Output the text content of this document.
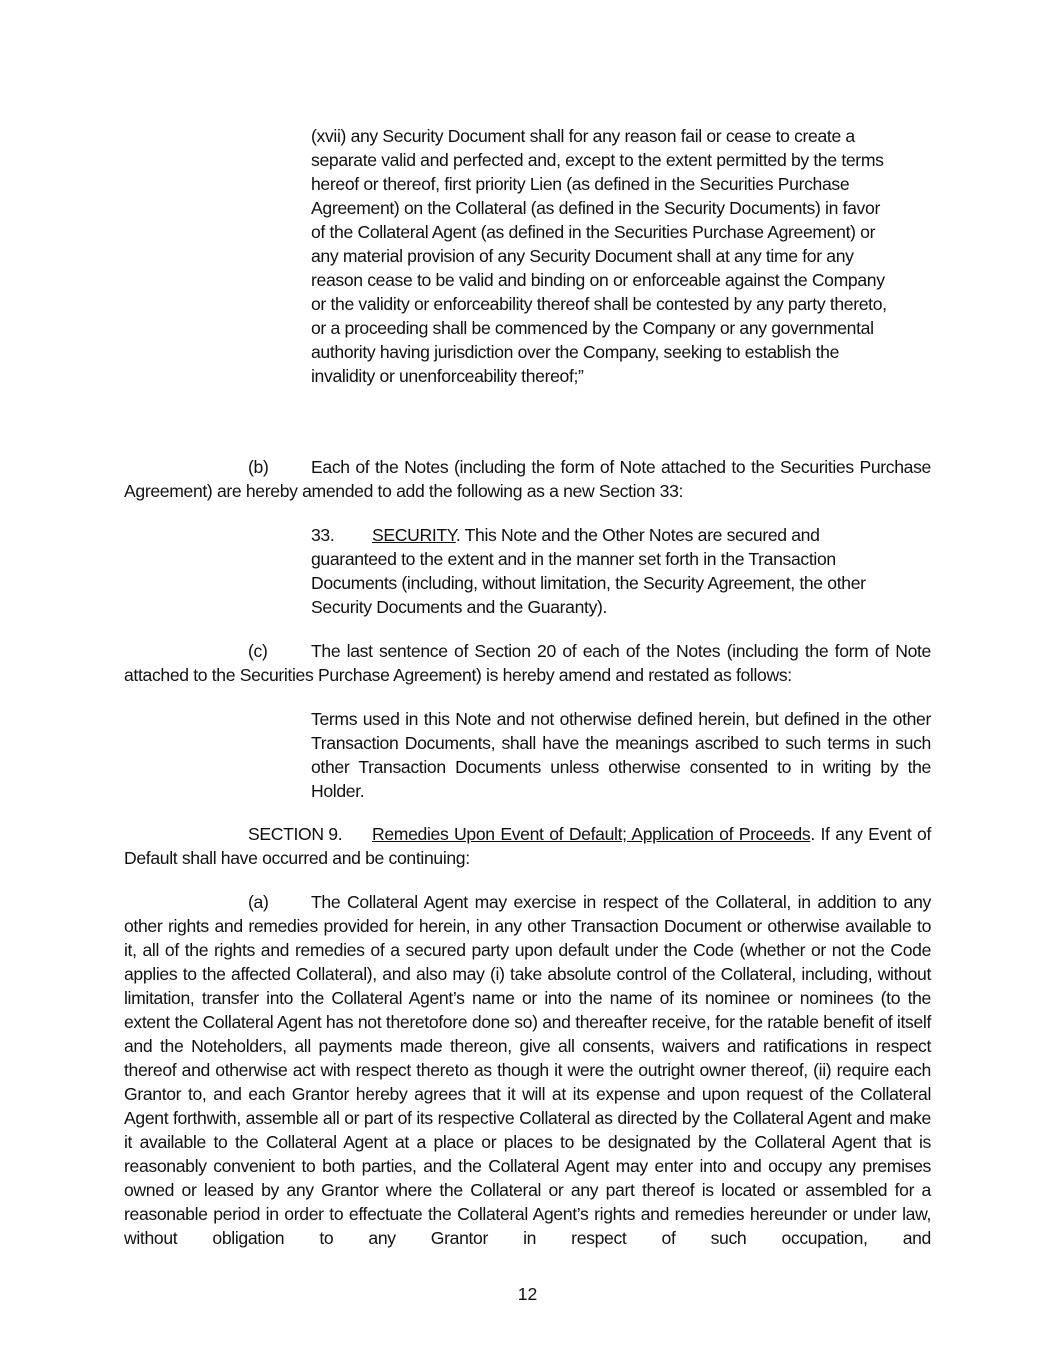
(xvii) any Security Document shall for any reason fail or cease to create a separate valid and perfected and, except to the extent permitted by the terms hereof or thereof, first priority Lien (as defined in the Securities Purchase Agreement) on the Collateral (as defined in the Security Documents) in favor of the Collateral Agent (as defined in the Securities Purchase Agreement) or any material provision of any Security Document shall at any time for any reason cease to be valid and binding on or enforceable against the Company or the validity or enforceability thereof shall be contested by any party thereto, or a proceeding shall be commenced by the Company or any governmental authority having jurisdiction over the Company, seeking to establish the invalidity or unenforceability thereof;”

(b) Each of the Notes (including the form of Note attached to the Securities Purchase Agreement) are hereby amended to add the following as a new Section 33:

33. SECURITY. This Note and the Other Notes are secured and guaranteed to the extent and in the manner set forth in the Transaction Documents (including, without limitation, the Security Agreement, the other Security Documents and the Guaranty).

(c) The last sentence of Section 20 of each of the Notes (including the form of Note attached to the Securities Purchase Agreement) is hereby amend and restated as follows:

Terms used in this Note and not otherwise defined herein, but defined in the other Transaction Documents, shall have the meanings ascribed to such terms in such other Transaction Documents unless otherwise consented to in writing by the Holder.

SECTION 9. Remedies Upon Event of Default; Application of Proceeds. If any Event of Default shall have occurred and be continuing:

(a) The Collateral Agent may exercise in respect of the Collateral, in addition to any other rights and remedies provided for herein, in any other Transaction Document or otherwise available to it, all of the rights and remedies of a secured party upon default under the Code (whether or not the Code applies to the affected Collateral), and also may (i) take absolute control of the Collateral, including, without limitation, transfer into the Collateral Agent’s name or into the name of its nominee or nominees (to the extent the Collateral Agent has not theretofore done so) and thereafter receive, for the ratable benefit of itself and the Noteholders, all payments made thereon, give all consents, waivers and ratifications in respect thereof and otherwise act with respect thereto as though it were the outright owner thereof, (ii) require each Grantor to, and each Grantor hereby agrees that it will at its expense and upon request of the Collateral Agent forthwith, assemble all or part of its respective Collateral as directed by the Collateral Agent and make it available to the Collateral Agent at a place or places to be designated by the Collateral Agent that is reasonably convenient to both parties, and the Collateral Agent may enter into and occupy any premises owned or leased by any Grantor where the Collateral or any part thereof is located or assembled for a reasonable period in order to effectuate the Collateral Agent’s rights and remedies hereunder or under law, without obligation to any Grantor in respect of such occupation, and

12
